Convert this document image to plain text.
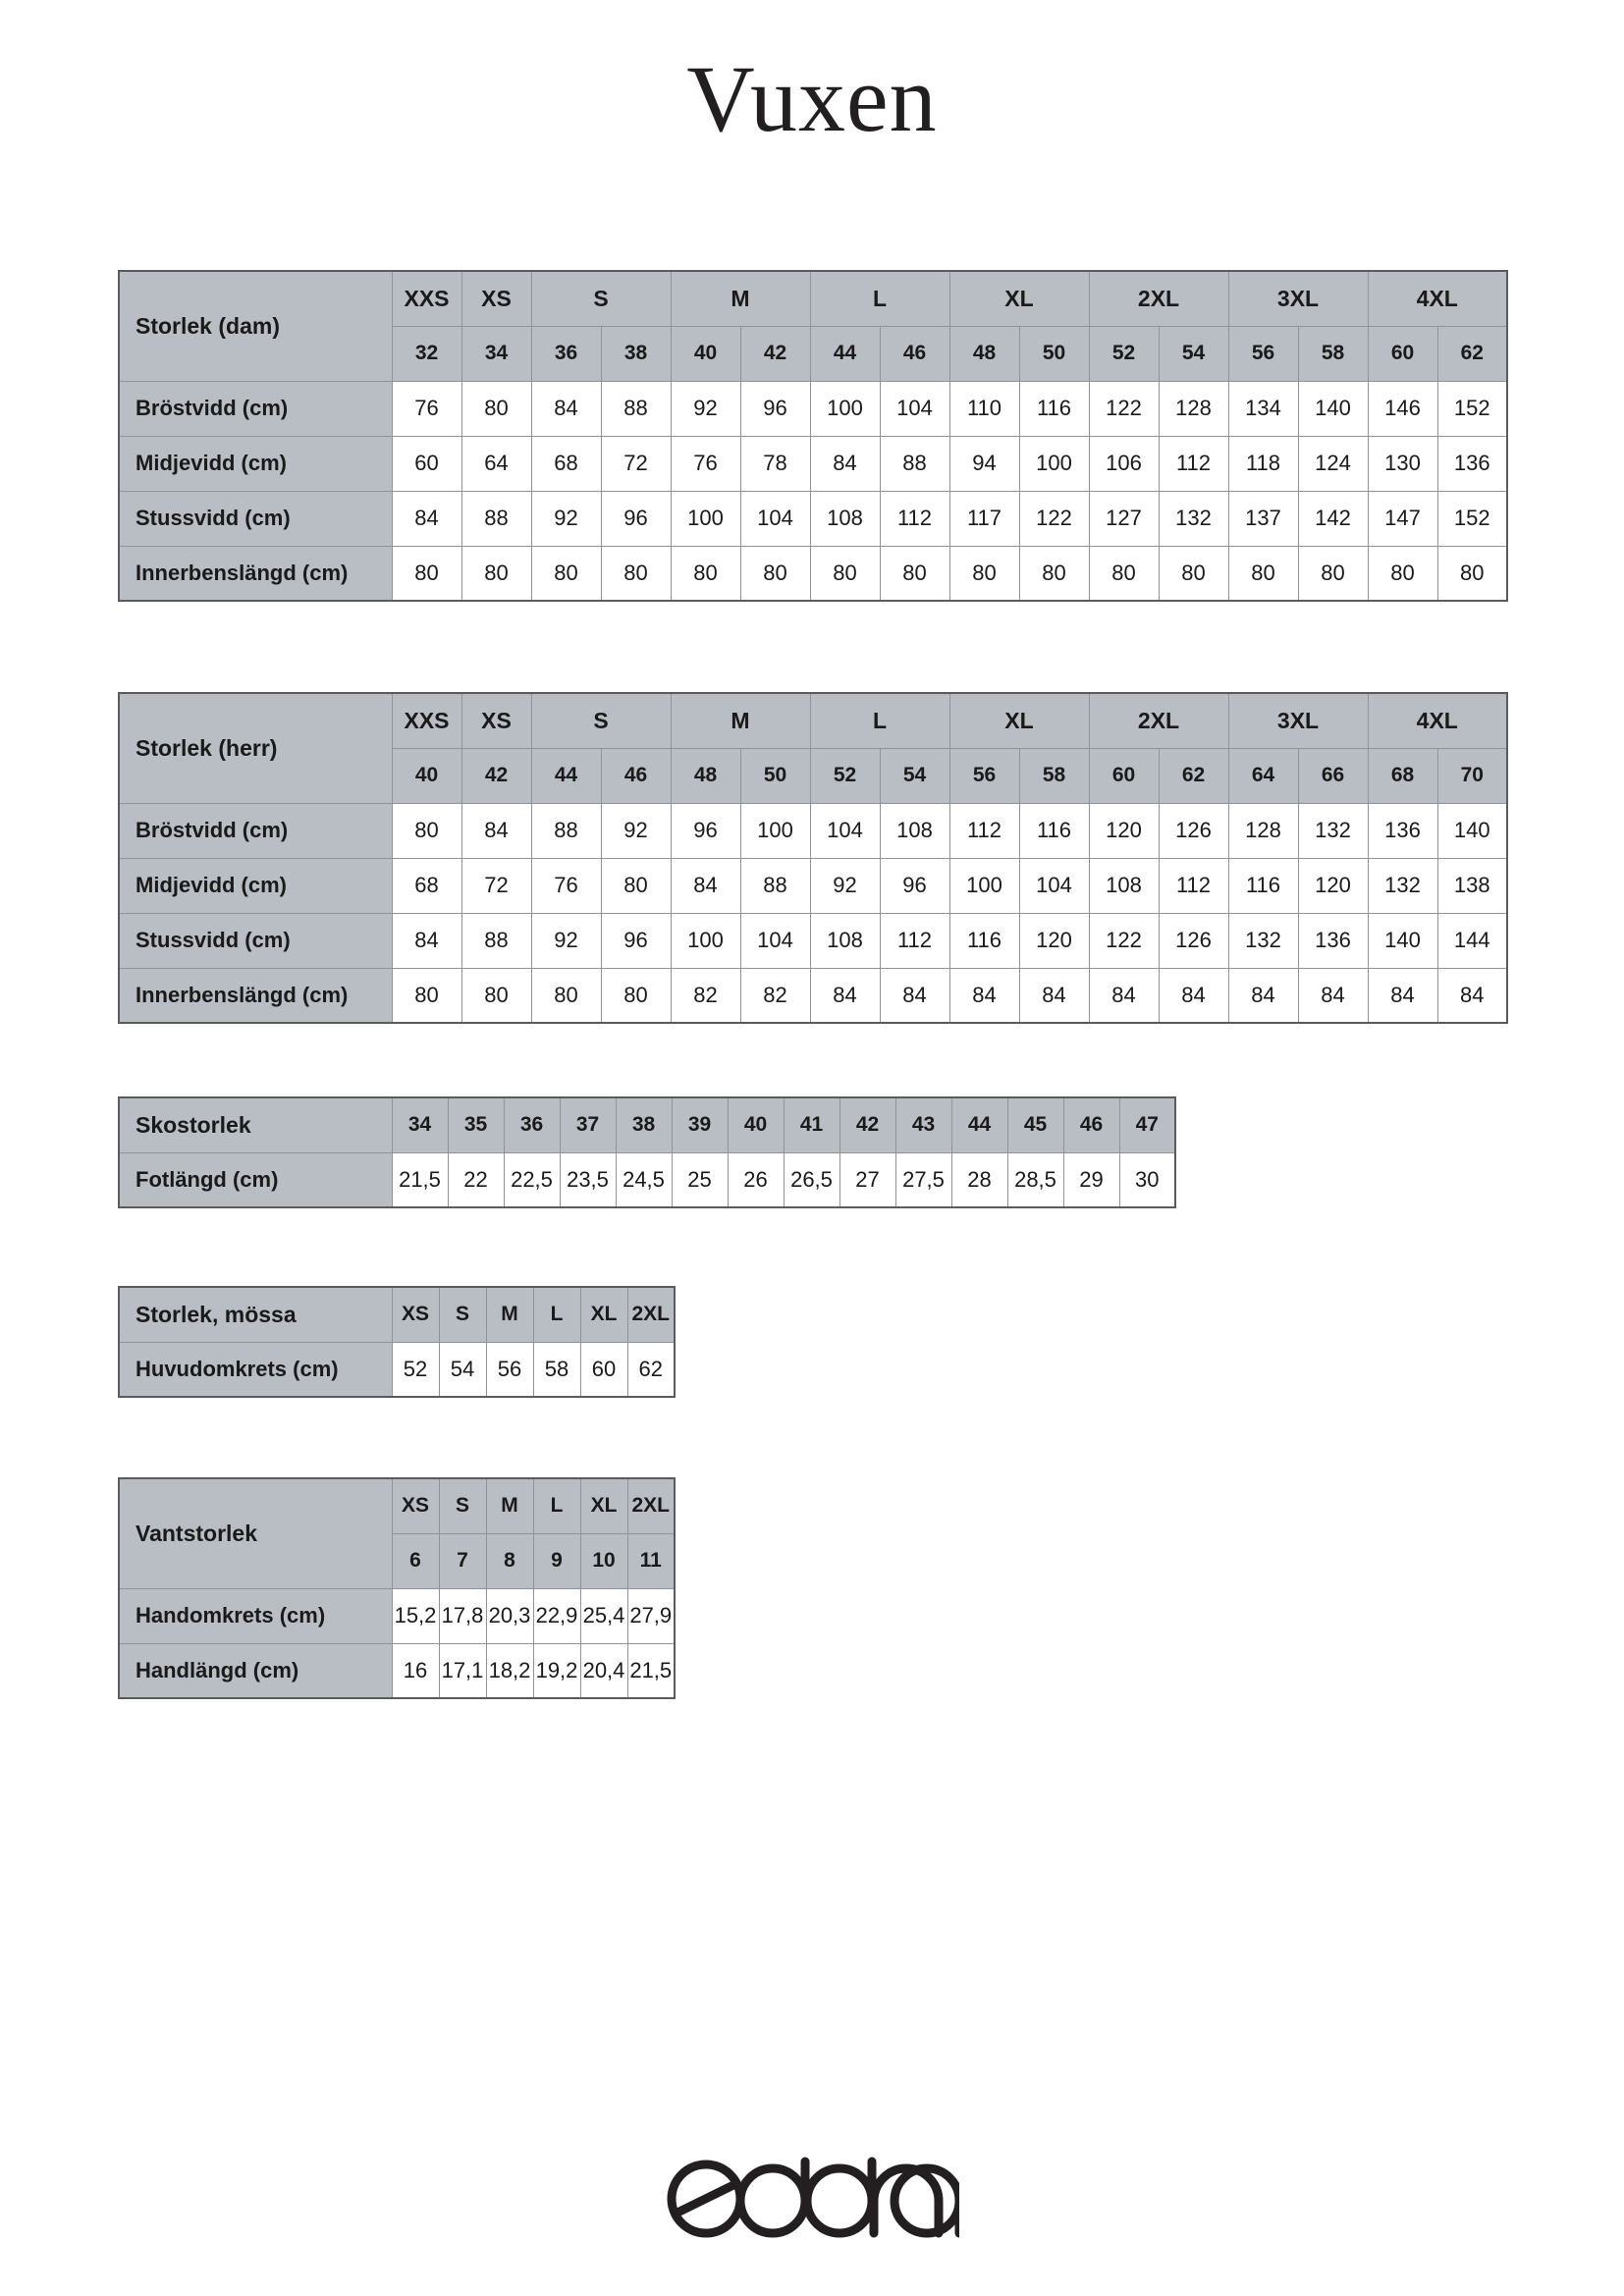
Vuxen
Storlek (dam)	XXS	XS	S		M		L		XL		2XL		3XL		4XL	
	32	34	36	38	40	42	44	46	48	50	52	54	56	58	60	62
Bröstvidd (cm)	76	80	84	88	92	96	100	104	110	116	122	128	134	140	146	152
Midjevidd (cm)	60	64	68	72	76	78	84	88	94	100	106	112	118	124	130	136
Stussvidd (cm)	84	88	92	96	100	104	108	112	117	122	127	132	137	142	147	152
Innerbenslängd (cm)	80	80	80	80	80	80	80	80	80	80	80	80	80	80	80	80
Storlek (herr)	XXS	XS	S		M		L		XL		2XL		3XL		4XL	
	40	42	44	46	48	50	52	54	56	58	60	62	64	66	68	70
Bröstvidd (cm)	80	84	88	92	96	100	104	108	112	116	120	126	128	132	136	140
Midjevidd (cm)	68	72	76	80	84	88	92	96	100	104	108	112	116	120	132	138
Stussvidd (cm)	84	88	92	96	100	104	108	112	116	120	122	126	132	136	140	144
Innerbenslängd (cm)	80	80	80	80	82	82	84	84	84	84	84	84	84	84	84	84
Skostorlek	34	35	36	37	38	39	40	41	42	43	44	45	46	47
Fotlängd (cm)	21,5	22	22,5	23,5	24,5	25	26	26,5	27	27,5	28	28,5	29	30
Storlek, mössa	XS	S	M	L	XL	2XL
Huvudomkrets (cm)	52	54	56	58	60	62
Vantstorlek	XS	S	M	L	XL	2XL
	6	7	8	9	10	11
Handomkrets (cm)	15,2	17,8	20,3	22,9	25,4	27,9
Handlängd (cm)	16	17,1	18,2	19,2	20,4	21,5
